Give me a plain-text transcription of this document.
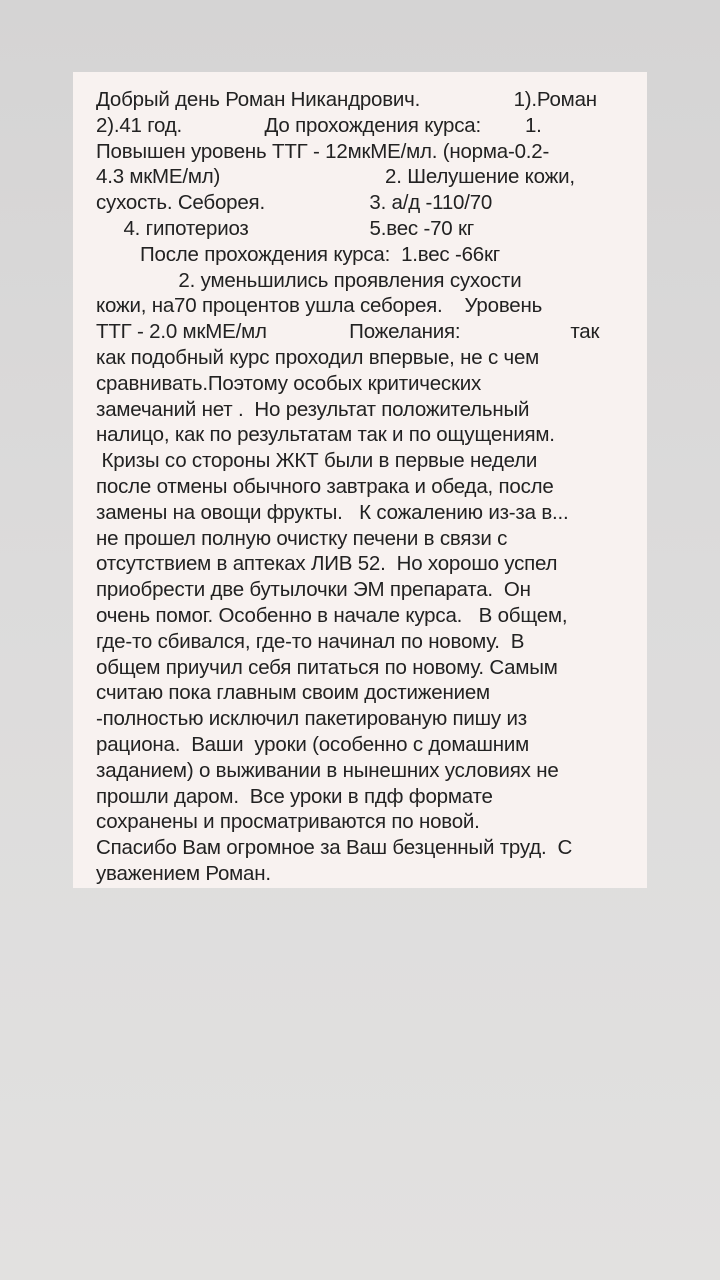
Добрый день Роман Никандрович.                 1).Роман
2).41 год.               До прохождения курса:        1.
Повышен уровень ТТГ - 12мкМЕ/мл. (норма-0.2-
4.3 мкМЕ/мл)                              2. Шелушение кожи,
сухость. Себорея.                   3. а/д -110/70
4. гипотериоз                      5.вес -70 кг
После прохождения курса:  1.вес -66кг
2. уменьшились проявления сухости
кожи, на70 процентов ушла себорея.    Уровень
ТТГ - 2.0 мкМЕ/мл               Пожелания:                    так
как подобный курс проходил впервые, не с чем
сравнивать.Поэтому особых критических
замечаний нет .  Но результат положительный
налицо, как по результатам так и по ощущениям.
Кризы со стороны ЖКТ были в первые недели
после отмены обычного завтрака и обеда, после
замены на овощи фрукты.   К сожалению из-за в...
не прошел полную очистку печени в связи с
отсутствием в аптеках ЛИВ 52.  Но хорошо успел
приобрести две бутылочки ЭМ препарата.  Он
очень помог. Особенно в начале курса.   В общем,
где-то сбивался, где-то начинал по новому.  В
общем приучил себя питаться по новому. Самым
считаю пока главным своим достижением
-полностью исключил пакетированую пишу из
рациона.  Ваши  уроки (особенно с домашним
заданием) о выживании в нынешних условиях не
прошли даром.  Все уроки в пдф формате
сохранены и просматриваются по новой.
Спасибо Вам огромное за Ваш безценный труд.  С
уважением Роман.
